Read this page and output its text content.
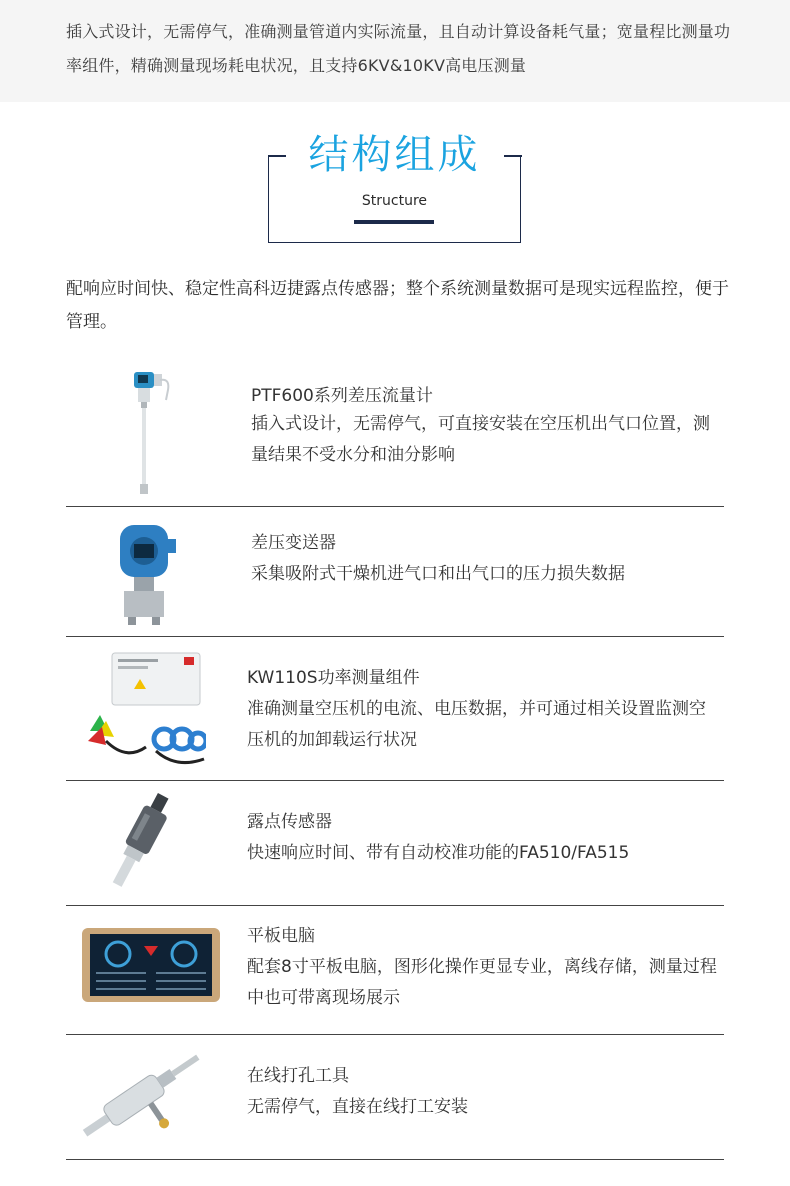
插入式设计，无需停气，准确测量管道内实际流量，且自动计算设备耗气量；宽量程比测量功率组件，精确测量现场耗电状况，且支持6KV&10KV高电压测量

结构组成
Structure

配响应时间快、稳定性高科迈捷露点传感器；整个系统测量数据可是现实远程监控，便于管理。

PTF600系列差压流量计
插入式设计，无需停气，可直接安装在空压机出气口位置，测量结果不受水分和油分影响
差压变送器
采集吸附式干燥机进气口和出气口的压力损失数据
KW110S功率测量组件
准确测量空压机的电流、电压数据，并可通过相关设置监测空压机的加卸载运行状况
露点传感器
快速响应时间、带有自动校准功能的FA510/FA515
平板电脑
配套8寸平板电脑，图形化操作更显专业，离线存储，测量过程中也可带离现场展示
在线打孔工具
无需停气，直接在线打工安装
